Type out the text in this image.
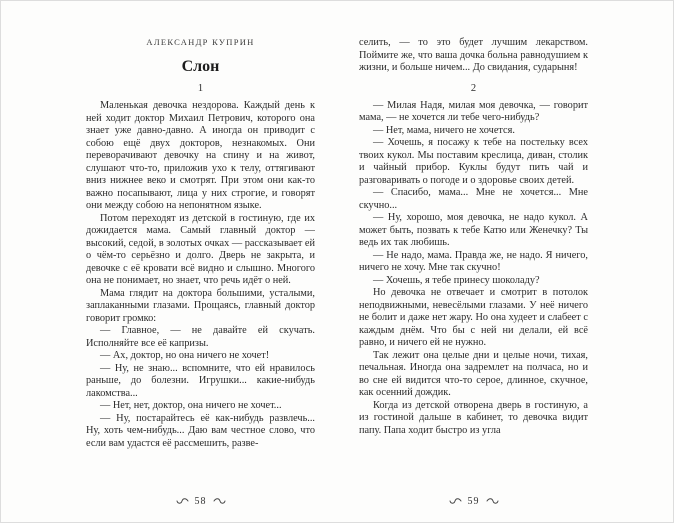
АЛЕКСАНДР КУПРИН
Слон
1

Маленькая девочка нездорова. Каждый день к ней ходит доктор Михаил Петрович, которого она знает уже давно-давно. А иногда он приводит с собою ещё двух докторов, незнакомых. Они переворачивают девочку на спину и на живот, слушают что-то, приложив ухо к телу, оттягивают вниз нижнее веко и смотрят. При этом они как-то важно посапывают, лица у них строгие, и говорят они между собою на непонятном языке.

Потом переходят из детской в гостиную, где их дожидается мама. Самый главный доктор — высокий, седой, в золотых очках — рассказывает ей о чём-то серьёзно и долго. Дверь не закрыта, и девочке с её кровати всё видно и слышно. Многого она не понимает, но знает, что речь идёт о ней.

Мама глядит на доктора большими, усталыми, заплаканными глазами. Прощаясь, главный доктор говорит громко:

— Главное, — не давайте ей скучать. Исполняйте все её капризы.

— Ах, доктор, но она ничего не хочет!

— Ну, не знаю... вспомните, что ей нравилось раньше, до болезни. Игрушки... какие-нибудь лакомства...

— Нет, нет, доктор, она ничего не хочет...

— Ну, постарайтесь её как-нибудь развлечь... Ну, хоть чем-нибудь... Даю вам честное слово, что если вам удастся её рассмешить, разве-

58

селить, — то это будет лучшим лекарством. Поймите же, что ваша дочка больна равнодушием к жизни, и больше ничем... До свидания, сударыня!

2

— Милая Надя, милая моя девочка, — говорит мама, — не хочется ли тебе чего-нибудь?

— Нет, мама, ничего не хочется.

— Хочешь, я посажу к тебе на постельку всех твоих кукол. Мы поставим креслица, диван, столик и чайный прибор. Куклы будут пить чай и разговаривать о погоде и о здоровье своих детей.

— Спасибо, мама... Мне не хочется... Мне скучно...

— Ну, хорошо, моя девочка, не надо кукол. А может быть, позвать к тебе Катю или Женечку? Ты ведь их так любишь.

— Не надо, мама. Правда же, не надо. Я ничего, ничего не хочу. Мне так скучно!

— Хочешь, я тебе принесу шоколаду?

Но девочка не отвечает и смотрит в потолок неподвижными, невесёлыми глазами. У неё ничего не болит и даже нет жару. Но она худеет и слабеет с каждым днём. Что бы с ней ни делали, ей всё равно, и ничего ей не нужно.

Так лежит она целые дни и целые ночи, тихая, печальная. Иногда она задремлет на полчаса, но и во сне ей видится что-то серое, длинное, скучное, как осенний дождик.

Когда из детской отворена дверь в гостиную, а из гостиной дальше в кабинет, то девочка видит папу. Папа ходит быстро из угла

59
